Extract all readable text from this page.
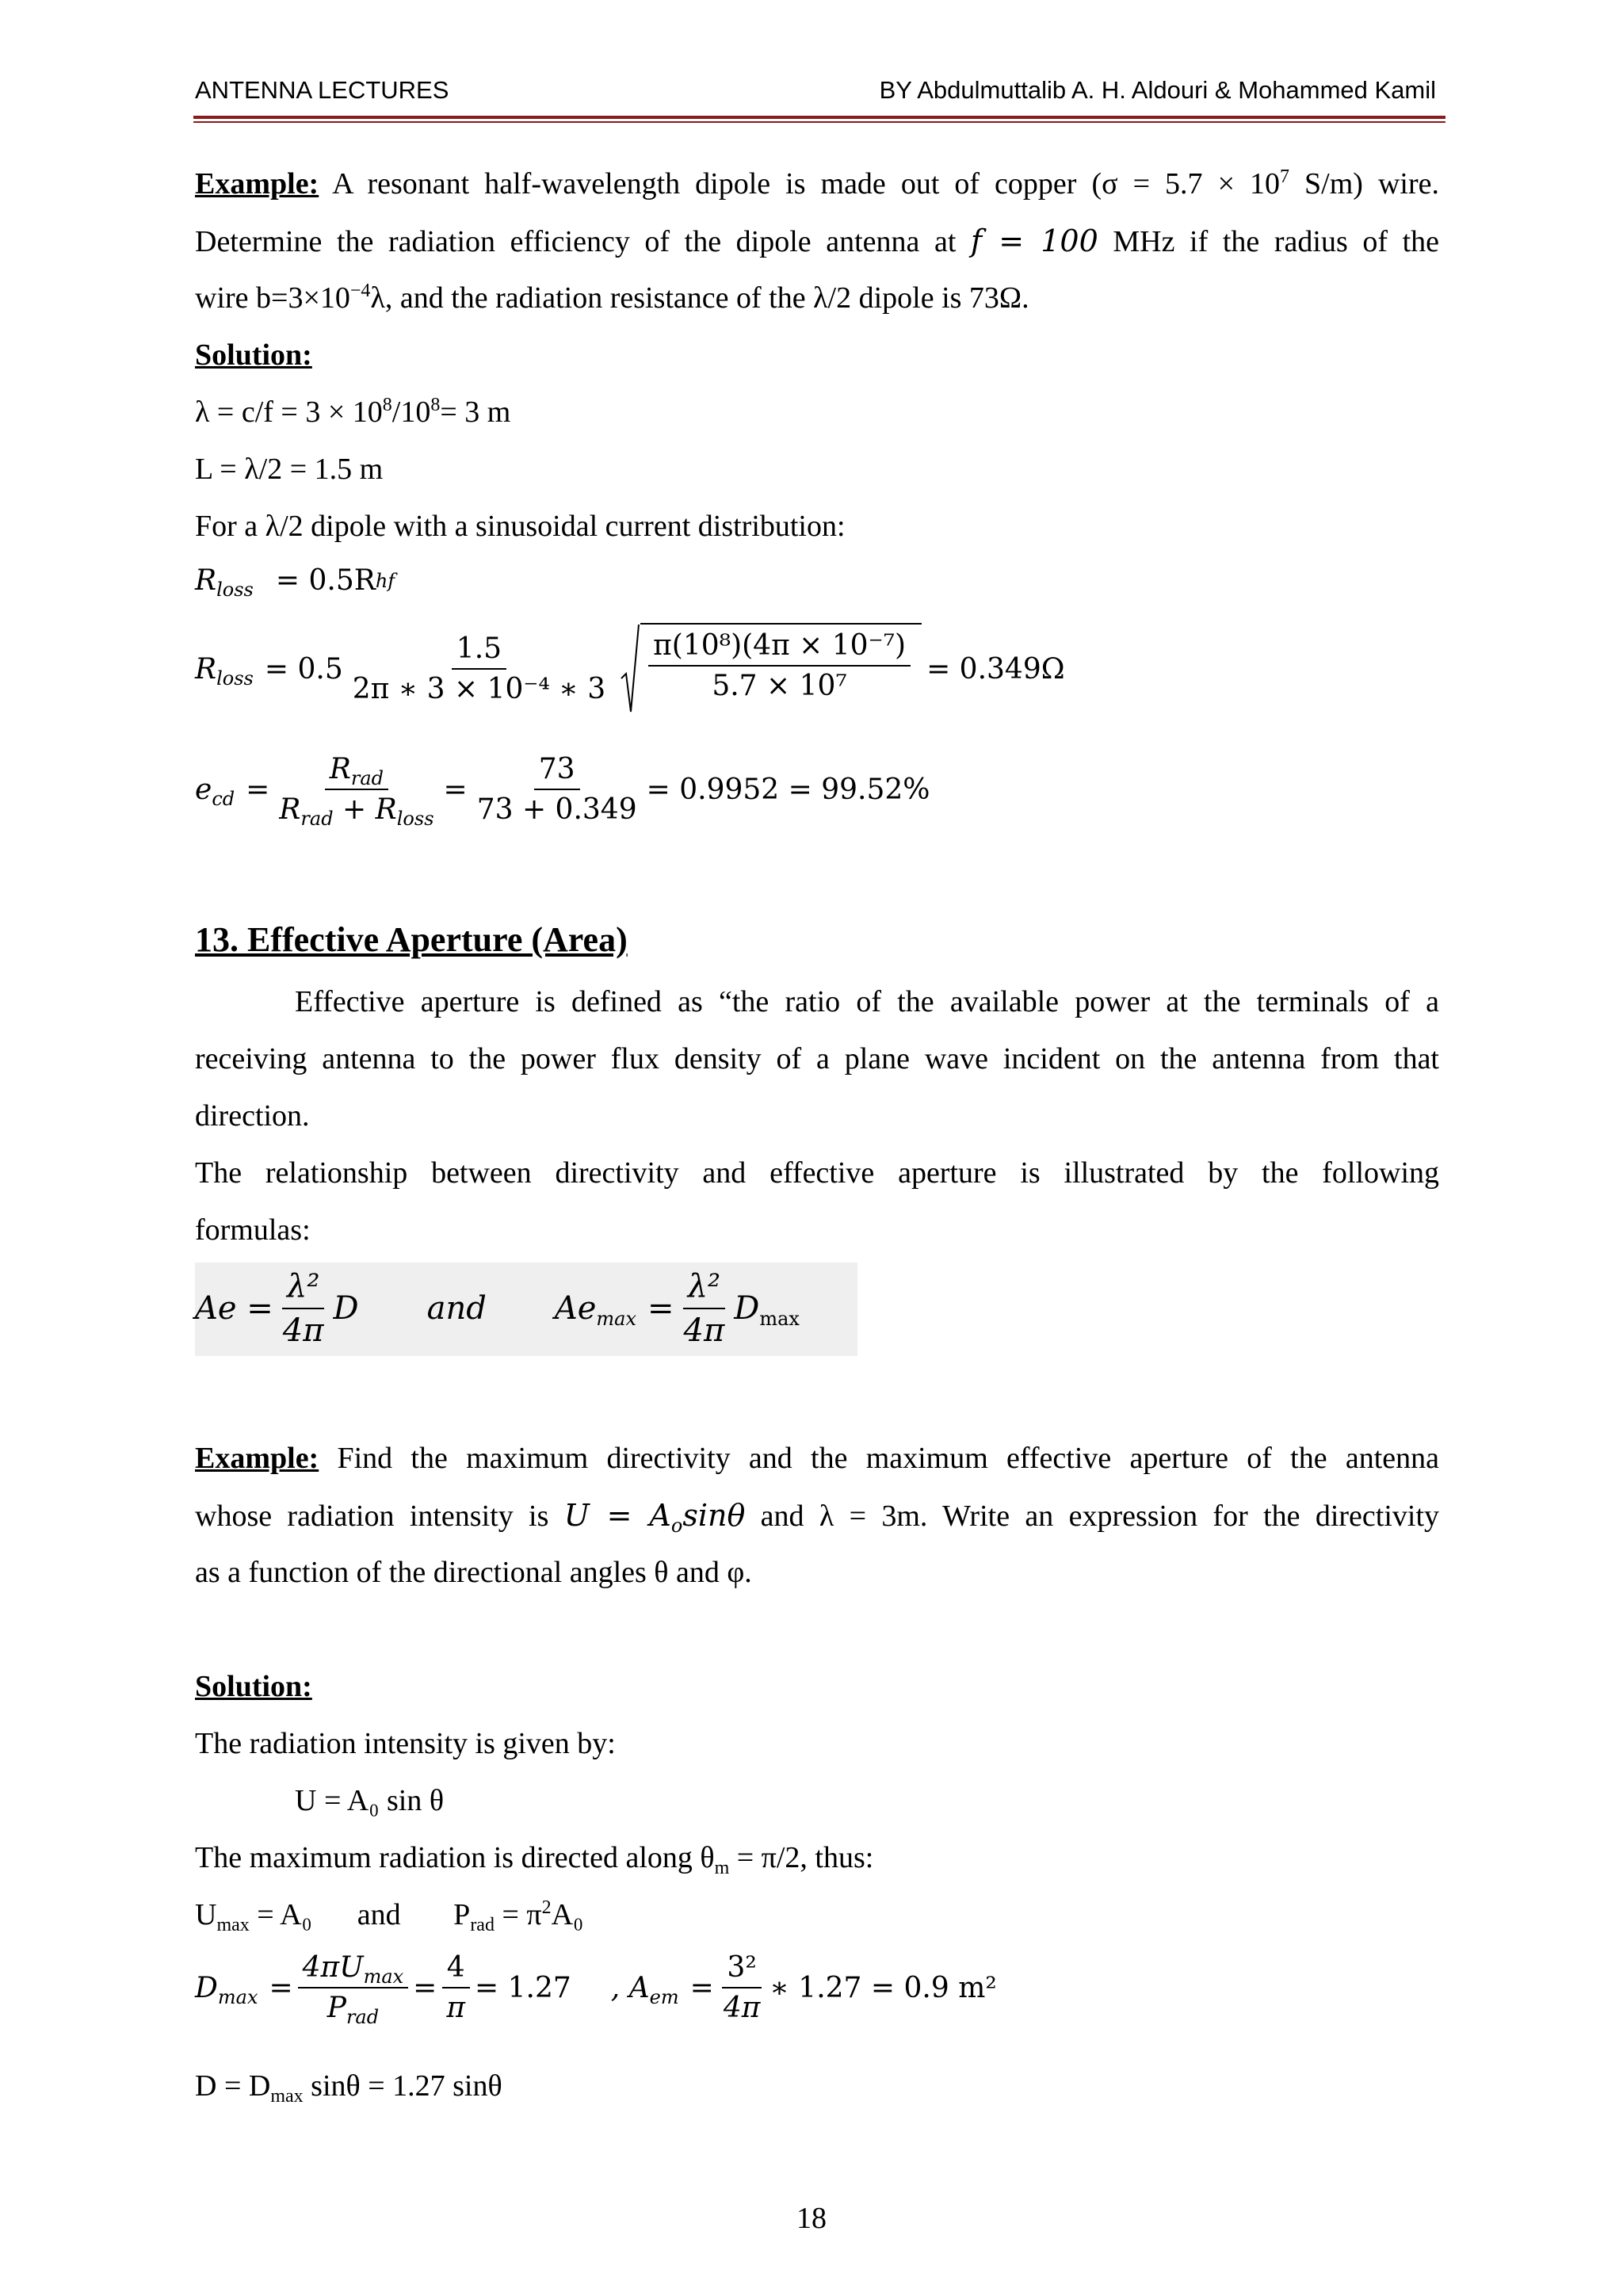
ANTENNA LECTURES	BY Abdulmuttalib A. H. Aldouri & Mohammed Kamil
Example: A resonant half-wavelength dipole is made out of copper ($\sigma = 5.7 \times 10^7$ S/m) wire.
Determine the radiation efficiency of the dipole antenna at f = 100 MHz if the radius of the
wire $b=3\times 10^{-4}\lambda$, and the radiation resistance of the λ/2 dipole is 73Ω.
Solution:
$\lambda = c/f = 3 \times 10^8/10^8= 3$ m
L = λ/2 = 1.5 m
For a λ/2 dipole with a sinusoidal current distribution:
$R_{loss} = 0.5R$ hf
$R_{loss} = 0.5 \frac{1.5}{\text{2π ∗ 3 × 10⁻⁴ ∗ 3}} \frac{\text{π(10⁸)(4π × 10⁻⁷)}}{\text{5.7 × 10⁷}} = 0.349\Omega$
$e_{cd} = \frac{R_{rad}}{R_{rad} + R_{loss}} = \frac{73}{73 + 0.349} = 0.9952 = 99.52\%$
13. Effective Aperture (Area)
Effective aperture is defined as “the ratio of the available power at the terminals of a
receiving antenna to the power flux density of a plane wave incident on the antenna from that
direction.
The relationship between directivity and effective aperture is illustrated by the following
formulas:
$Ae = \frac{\text{λ²}}{4\pi}$ D and $Ae_{max} = \frac{\text{λ²}}{4\pi} D_{max}$
Example: Find the maximum directivity and the maximum effective aperture of the antenna
whose radiation intensity is $U = A_o\sin\theta$ and λ = 3m. Write an expression for the directivity
as a function of the directional angles θ and φ.
Solution:
The radiation intensity is given by:
U = A₀ sin θ
The maximum radiation is directed along $\theta_m = \pi/2$, thus:
$U_{max} = A_0$      and       $P_{rad} = \pi^2A_0$
$D_{max} = \frac{4\pi U_{max}}{P_{rad}} = \frac{4}{\pi} = 1.27$ , $A_{em} = \frac{\text{3²}}{4\pi}$ ∗ 1.27 = 0.9 m²
$D = D_{max}$ sinθ = 1.27 sinθ
18
